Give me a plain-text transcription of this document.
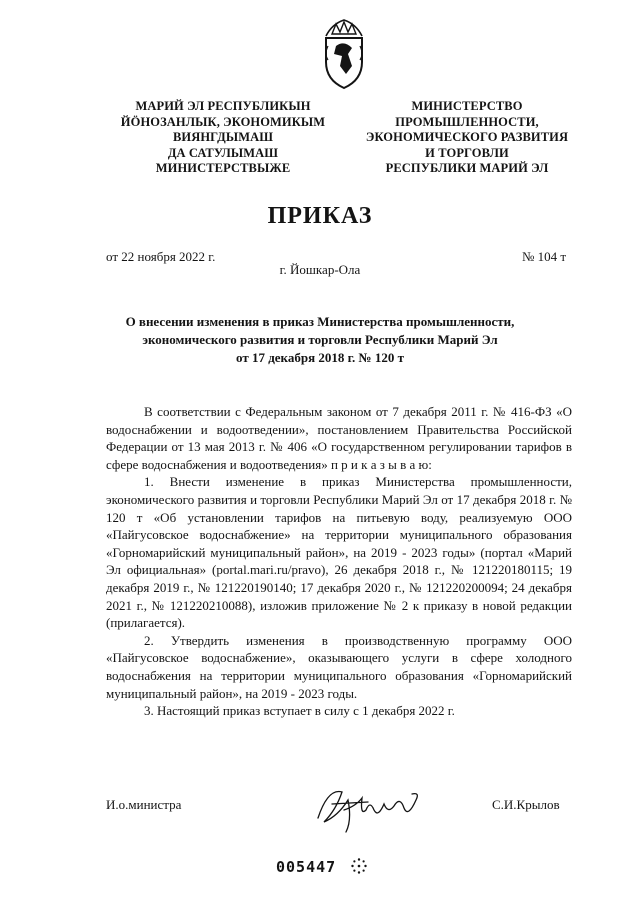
МАРИЙ ЭЛ РЕСПУБЛИКЫН
ЙÖНОЗАНЛЫК, ЭКОНОМИКЫМ
ВИЯНГДЫМАШ
ДА САТУЛЫМАШ
МИНИСТЕРСТВЫЖЕ
МИНИСТЕРСТВО
ПРОМЫШЛЕННОСТИ,
ЭКОНОМИЧЕСКОГО РАЗВИТИЯ
И ТОРГОВЛИ
РЕСПУБЛИКИ МАРИЙ ЭЛ
ПРИКАЗ
от 22 ноября 2022 г.	№ 104 т
г. Йошкар-Ола
О внесении изменения в приказ Министерства промышленности,
экономического развития и торговли Республики Марий Эл
от 17 декабря 2018 г. № 120 т

В соответствии с Федеральным законом от 7 декабря 2011 г. № 416-ФЗ «О водоснабжении и водоотведении», постановлением Правительства Российской Федерации от 13 мая 2013 г. № 406 «О государственном регулировании тарифов в сфере водоснабжения и водоотведения» п р и к а з ы в а ю:

1. Внести изменение в приказ Министерства промышленности, экономического развития и торговли Республики Марий Эл от 17 декабря 2018 г. № 120 т «Об установлении тарифов на питьевую воду, реализуемую ООО «Пайгусовское водоснабжение» на территории муниципального образования «Горномарийский муниципальный район», на 2019 - 2023 годы» (портал «Марий Эл официальная» (portal.mari.ru/pravo), 26 декабря 2018 г., № 121220180115; 19 декабря 2019 г., № 121220190140; 17 декабря 2020 г., № 121220200094; 24 декабря 2021 г., № 121220210088), изложив приложение № 2 к приказу в новой редакции (прилагается).

2. Утвердить изменения в производственную программу ООО «Пайгусовское водоснабжение», оказывающего услуги в сфере холодного водоснабжения на территории муниципального образования «Горномарийский муниципальный район», на 2019 - 2023 годы.

3. Настоящий приказ вступает в силу с 1 декабря 2022 г.

И.о.министра	С.И.Крылов
005447
